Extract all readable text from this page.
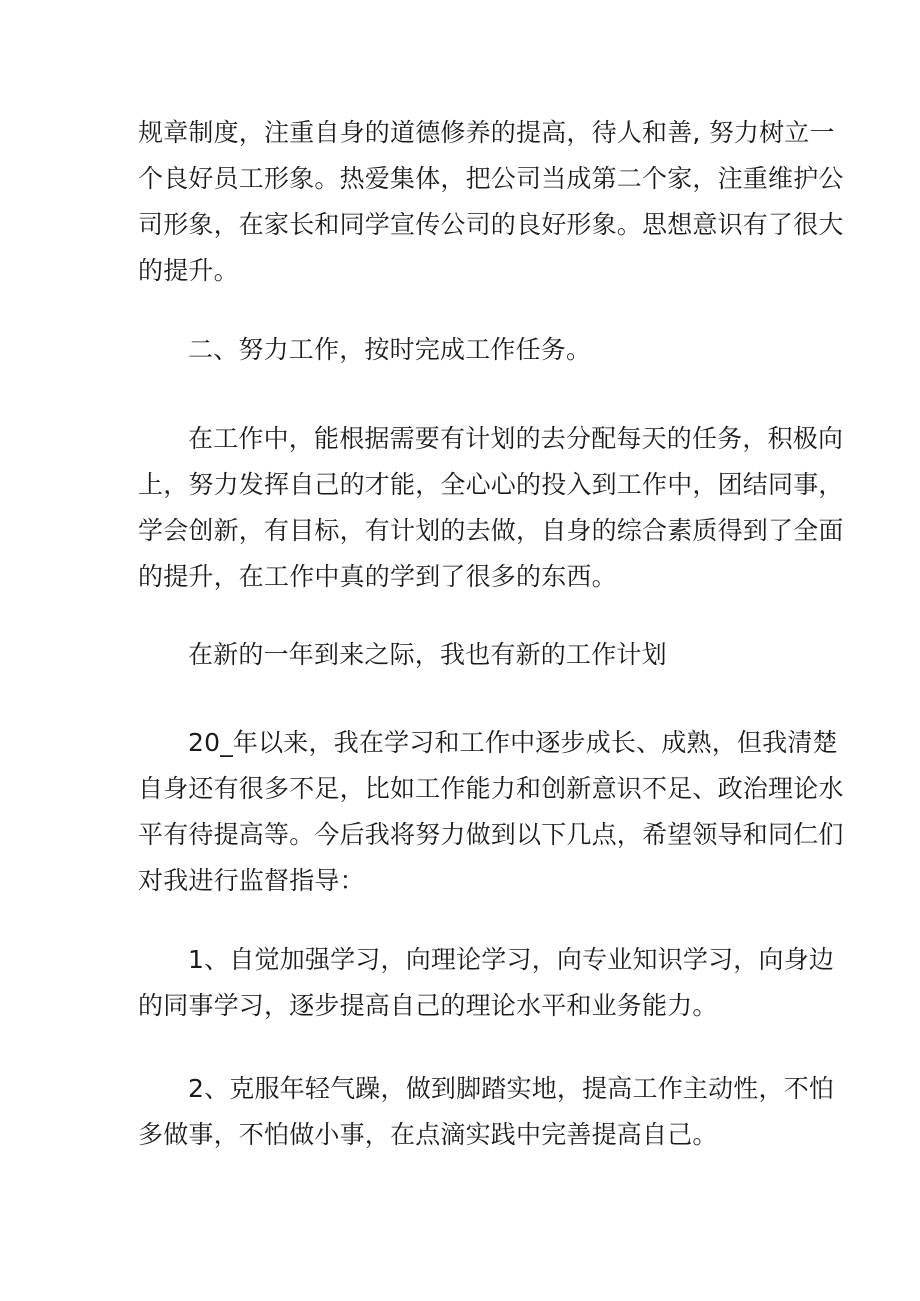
规章制度，注重自身的道德修养的提高，待人和善, 努力树立一
个良好员工形象。热爱集体，把公司当成第二个家，注重维护公
司形象，在家长和同学宣传公司的良好形象。思想意识有了很大
的提升。

二、努力工作，按时完成工作任务。

在工作中，能根据需要有计划的去分配每天的任务，积极向
上，努力发挥自己的才能，全心心的投入到工作中，团结同事，
学会创新，有目标，有计划的去做，自身的综合素质得到了全面
的提升，在工作中真的学到了很多的东西。

在新的一年到来之际，我也有新的工作计划

20_年以来，我在学习和工作中逐步成长、成熟，但我清楚
自身还有很多不足，比如工作能力和创新意识不足、政治理论水
平有待提高等。今后我将努力做到以下几点，希望领导和同仁们
对我进行监督指导：

1、自觉加强学习，向理论学习，向专业知识学习，向身边
的同事学习，逐步提高自己的理论水平和业务能力。

2、克服年轻气躁，做到脚踏实地，提高工作主动性，不怕
多做事，不怕做小事，在点滴实践中完善提高自己。
